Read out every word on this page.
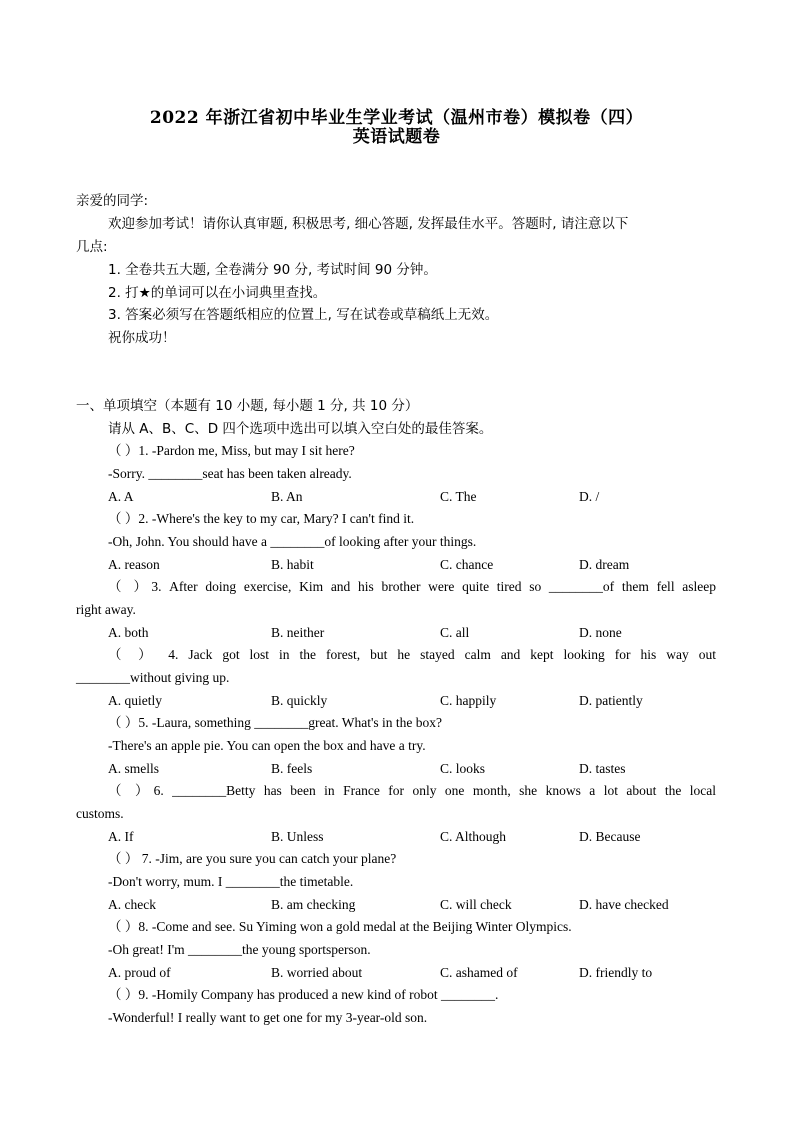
2022 年浙江省初中毕业生学业考试（温州市卷）模拟卷（四）
英语试题卷
亲爱的同学:
欢迎参加考试！请你认真审题, 积极思考, 细心答题, 发挥最佳水平。答题时, 请注意以下
几点:
1. 全卷共五大题, 全卷满分 90 分, 考试时间 90 分钟。
2. 打★的单词可以在小词典里查找。
3. 答案必须写在答题纸相应的位置上, 写在试卷或草稿纸上无效。
祝你成功！
一、单项填空（本题有 10 小题, 每小题 1 分, 共 10 分）
请从 A、B、C、D 四个选项中选出可以填入空白处的最佳答案。
（ ）1. -Pardon me, Miss, but may I sit here?
-Sorry. ________seat has been taken already.
A. A	B. An	C. The	D. /
（ ）2. -Where's the key to my car, Mary? I can't find it.
-Oh, John. You should have a ________of looking after your things.
A. reason	B. habit	C. chance	D. dream
（ ）3. After doing exercise, Kim and his brother were quite tired so ________of them fell asleep
right away.
A. both	B. neither	C. all	D. none
（ ） 4. Jack got lost in the forest, but he stayed calm and kept looking for his way out
________without giving up.
A. quietly	B. quickly	C. happily	D. patiently
（ ）5. -Laura, something ________great. What's in the box?
-There's an apple pie. You can open the box and have a try.
A. smells	B. feels	C. looks	D. tastes
（ ）6. ________Betty has been in France for only one month, she knows a lot about the local
customs.
A. If	B. Unless	C. Although	D. Because
（ ） 7. -Jim, are you sure you can catch your plane?
-Don't worry, mum. I ________the timetable.
A. check	B. am checking	C. will check	D. have checked
（ ）8. -Come and see. Su Yiming won a gold medal at the Beijing Winter Olympics.
-Oh great! I'm ________the young sportsperson.
A. proud of	B. worried about	C. ashamed of	D. friendly to
（ ）9. -Homily Company has produced a new kind of robot ________.
-Wonderful! I really want to get one for my 3-year-old son.
